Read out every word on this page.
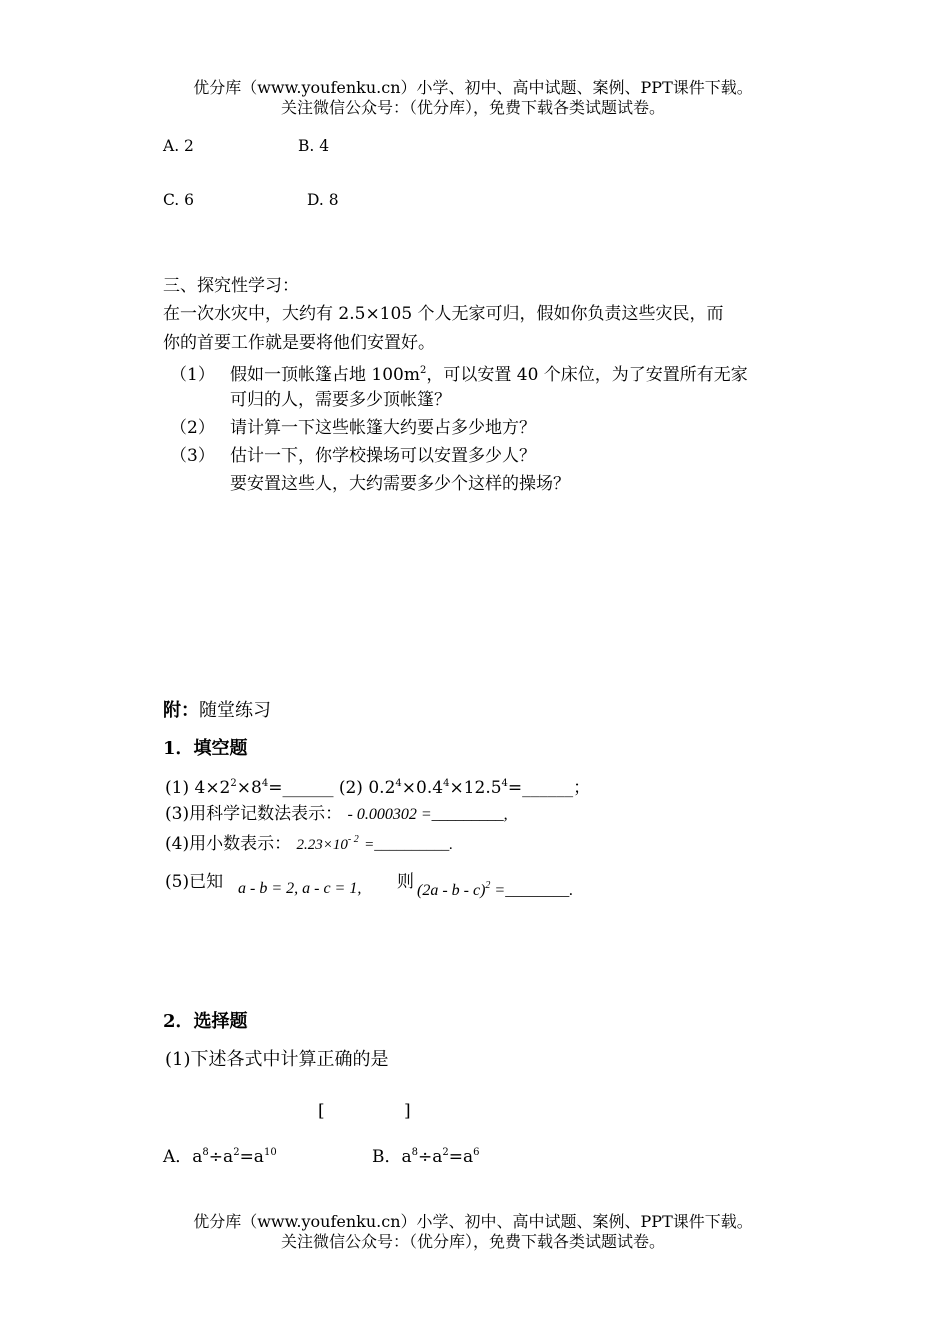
优分库（www.youfenku.cn）小学、初中、高中试题、案例、PPT课件下载。
关注微信公众号：（优分库），免费下载各类试题试卷。
A. 2	B. 4
C. 6	D. 8
三、探究性学习：
在一次水灾中，大约有 2.5×105 个人无家可归，假如你负责这些灾民，而
你的首要工作就是要将他们安置好。
（1） 假如一顶帐篷占地 $100m^2$，可以安置 40 个床位，为了安置所有无家
可归的人，需要多少顶帐篷？
（2） 请计算一下这些帐篷大约要占多少地方？
（3） 估计一下，你学校操场可以安置多少人？
要安置这些人，大约需要多少个这样的操场？
附：随堂练习
1．填空题
(1) $4\times 2^2\times 8^4=\_\_\_\_\_\_$ (2) $0.2^4\times 0.4^4\times 12.5^4=\_\_\_\_\_\_$；
(3)用科学记数法表示： - 0.000302 =_________,
(4)用小数表示： $2.23\times 10^{- 2}$ =__________.
(5)已知 a - b = 2, a - c = 1, 则 (2a - b - c)$^2$ =________.
2．选择题
(1)下述各式中计算正确的是
[	]
A．$a^8\div a^2=a^{10}$	B．$a^8\div a^2=a^6$
优分库（www.youfenku.cn）小学、初中、高中试题、案例、PPT课件下载。
关注微信公众号：（优分库），免费下载各类试题试卷。
